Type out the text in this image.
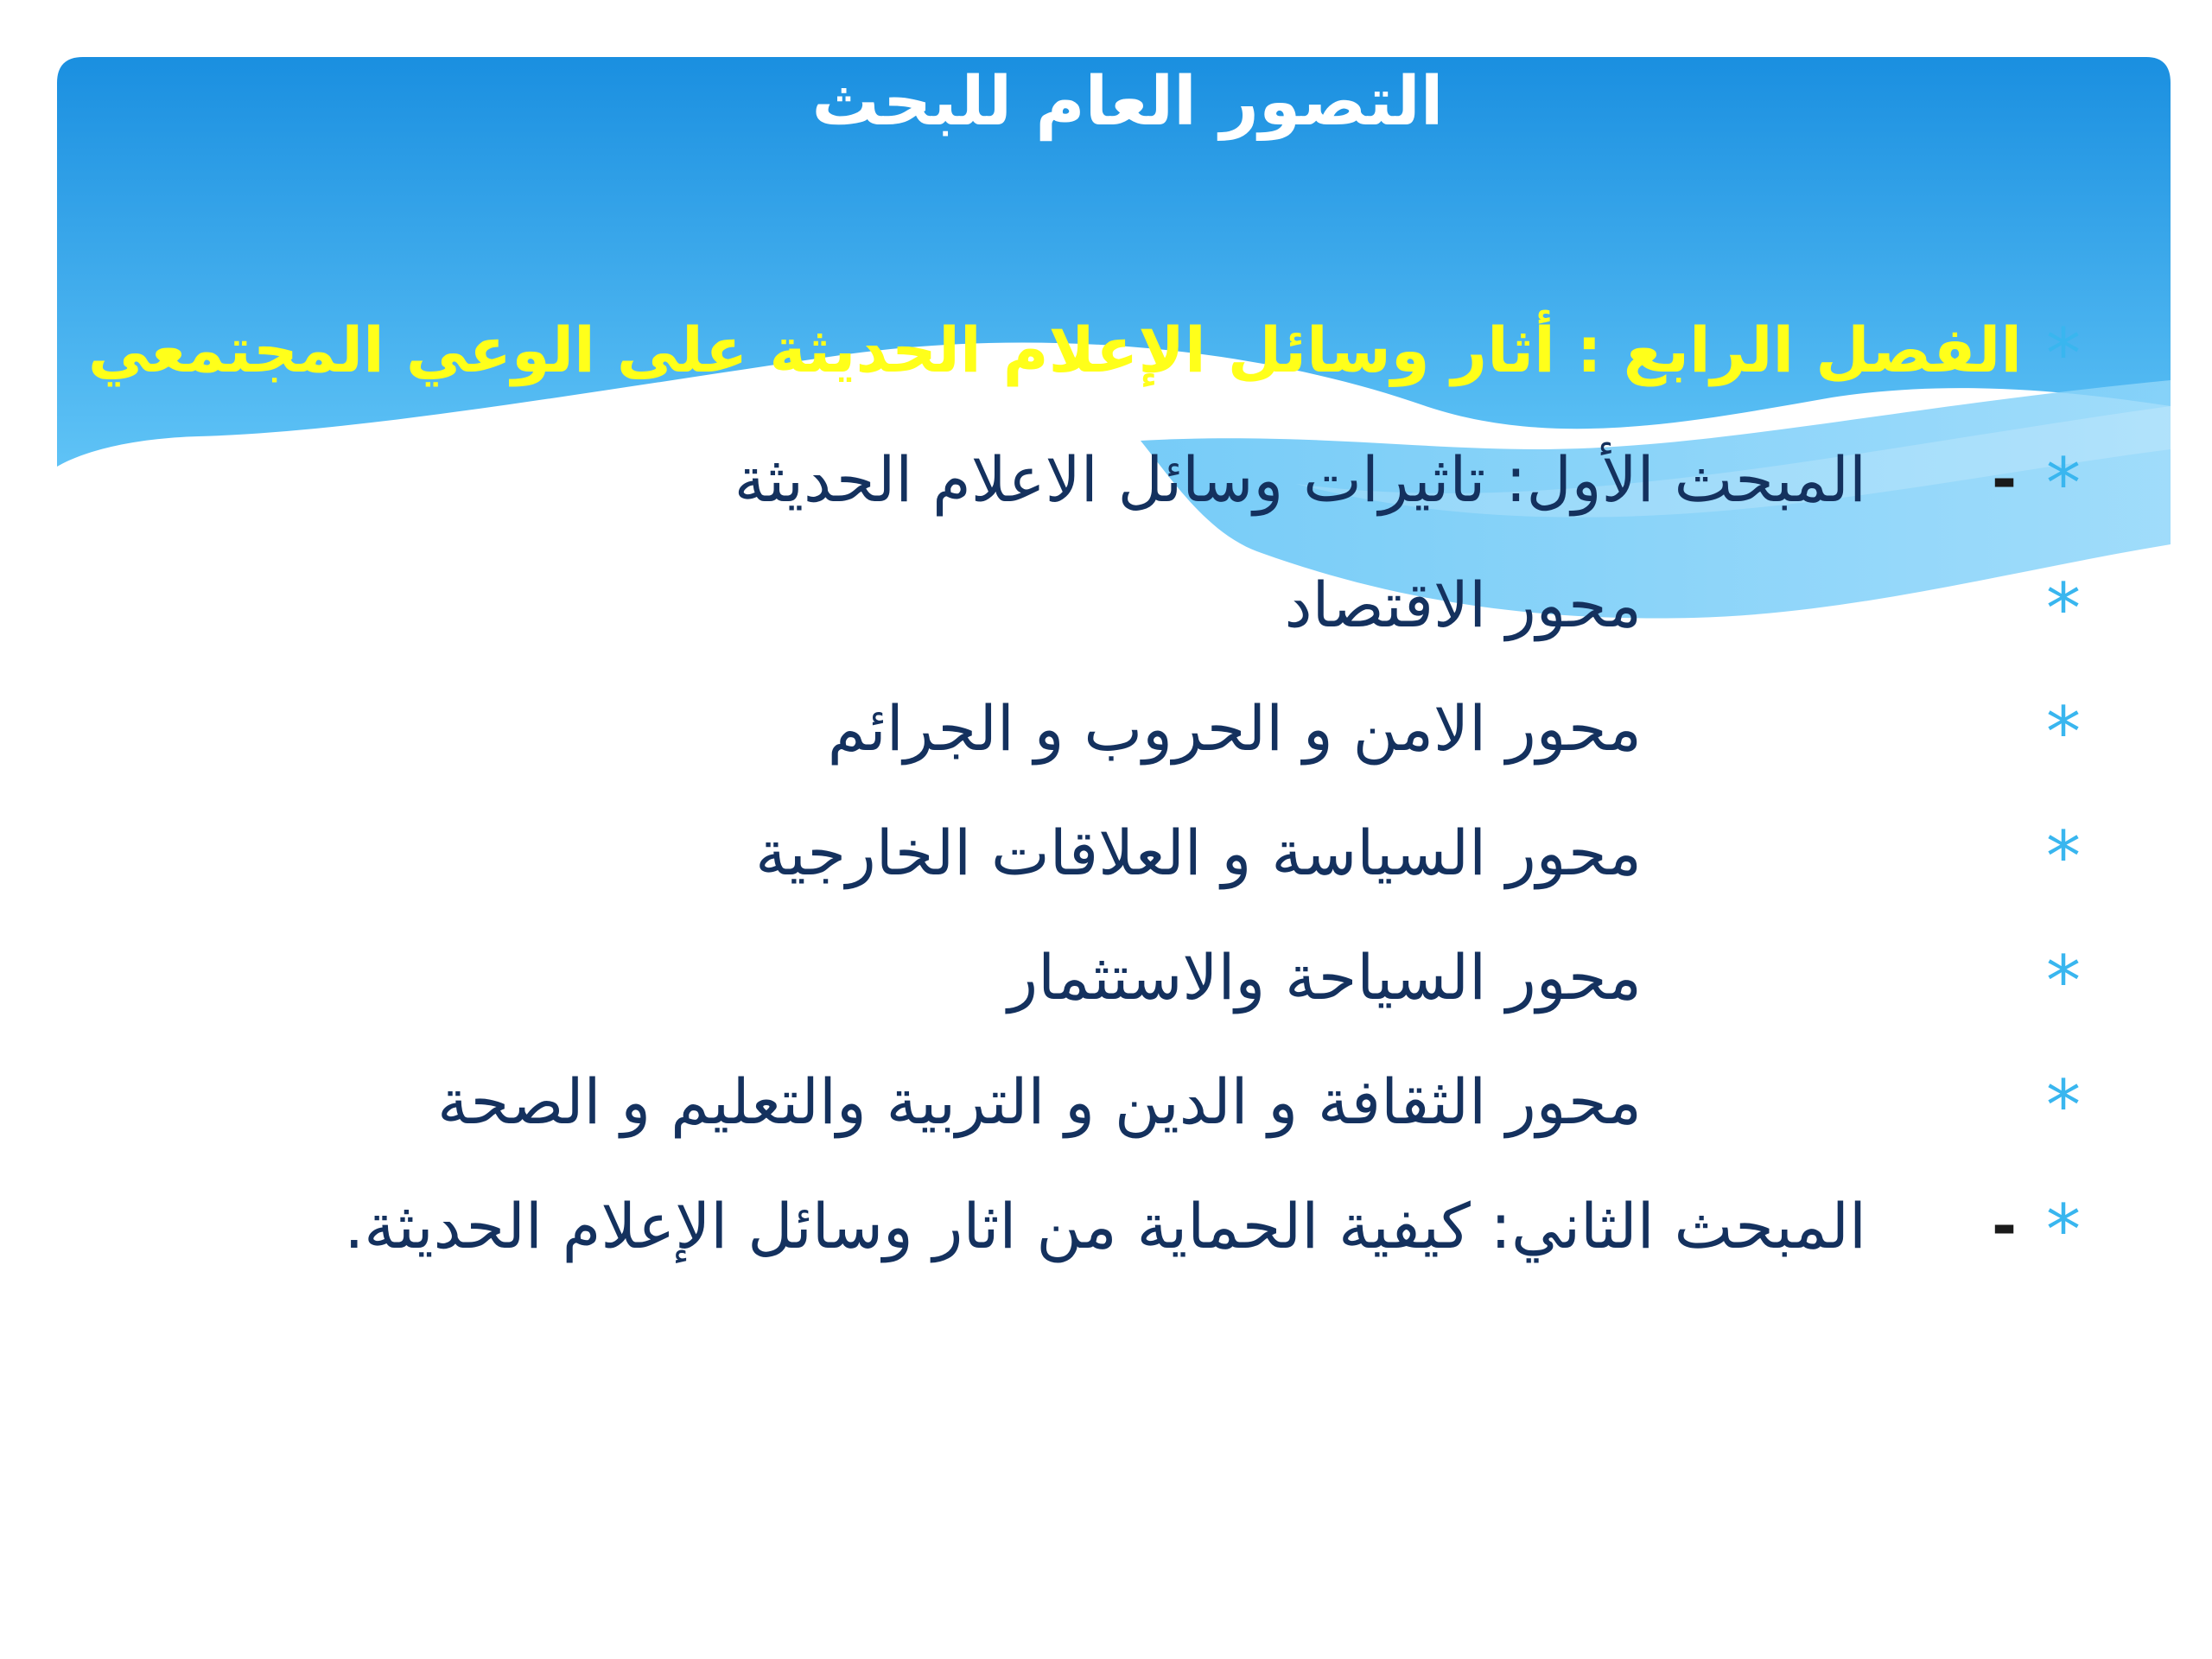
التصور العام للبحث
*
الفصل الرابع : أثار وسائل الإعلام الحديثة على الوعي المجتمعي
*
-
المبحث الأول: تاثيرات وسائل الاعلام الحديثة
*
محور الاقتصاد
*
محور الامن و الحروب و الجرائم
*
محور السياسة و العلاقات الخارجية
*
محور السياحة والاستثمار
*
محور الثقافة و الدين و التربية والتعليم و الصحة
*
-
المبحث الثاني: كيفية الحماية من اثار وسائل الإعلام الحديثة.
